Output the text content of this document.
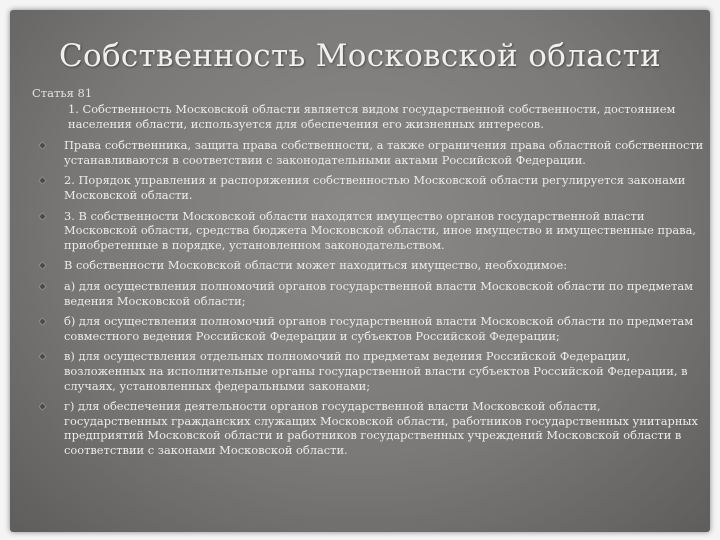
Собственность Московской области
Статья 81
1. Собственность Московской области является видом государственной собственности, достоянием населения области, используется для обеспечения его жизненных интересов.
Права собственника, защита права собственности, а также ограничения права областной собственности устанавливаются в соответствии с законодательными актами Российской Федерации.
2. Порядок управления и распоряжения собственностью Московской области регулируется законами Московской области.
3. В собственности Московской области находятся имущество органов государственной власти Московской области, средства бюджета Московской области, иное имущество и имущественные права, приобретенные в порядке, установленном законодательством.
В собственности Московской области может находиться имущество, необходимое:
а) для осуществления полномочий органов государственной власти Московской области по предметам ведения Московской области;
б) для осуществления полномочий органов государственной власти Московской области по предметам совместного ведения Российской Федерации и субъектов Российской Федерации;
в) для осуществления отдельных полномочий по предметам ведения Российской Федерации, возложенных на исполнительные органы государственной власти субъектов Российской Федерации, в случаях, установленных федеральными законами;
г) для обеспечения деятельности органов государственной власти Московской области, государственных гражданских служащих Московской области, работников государственных унитарных предприятий Московской области и работников государственных учреждений Московской области в соответствии с законами Московской области.
